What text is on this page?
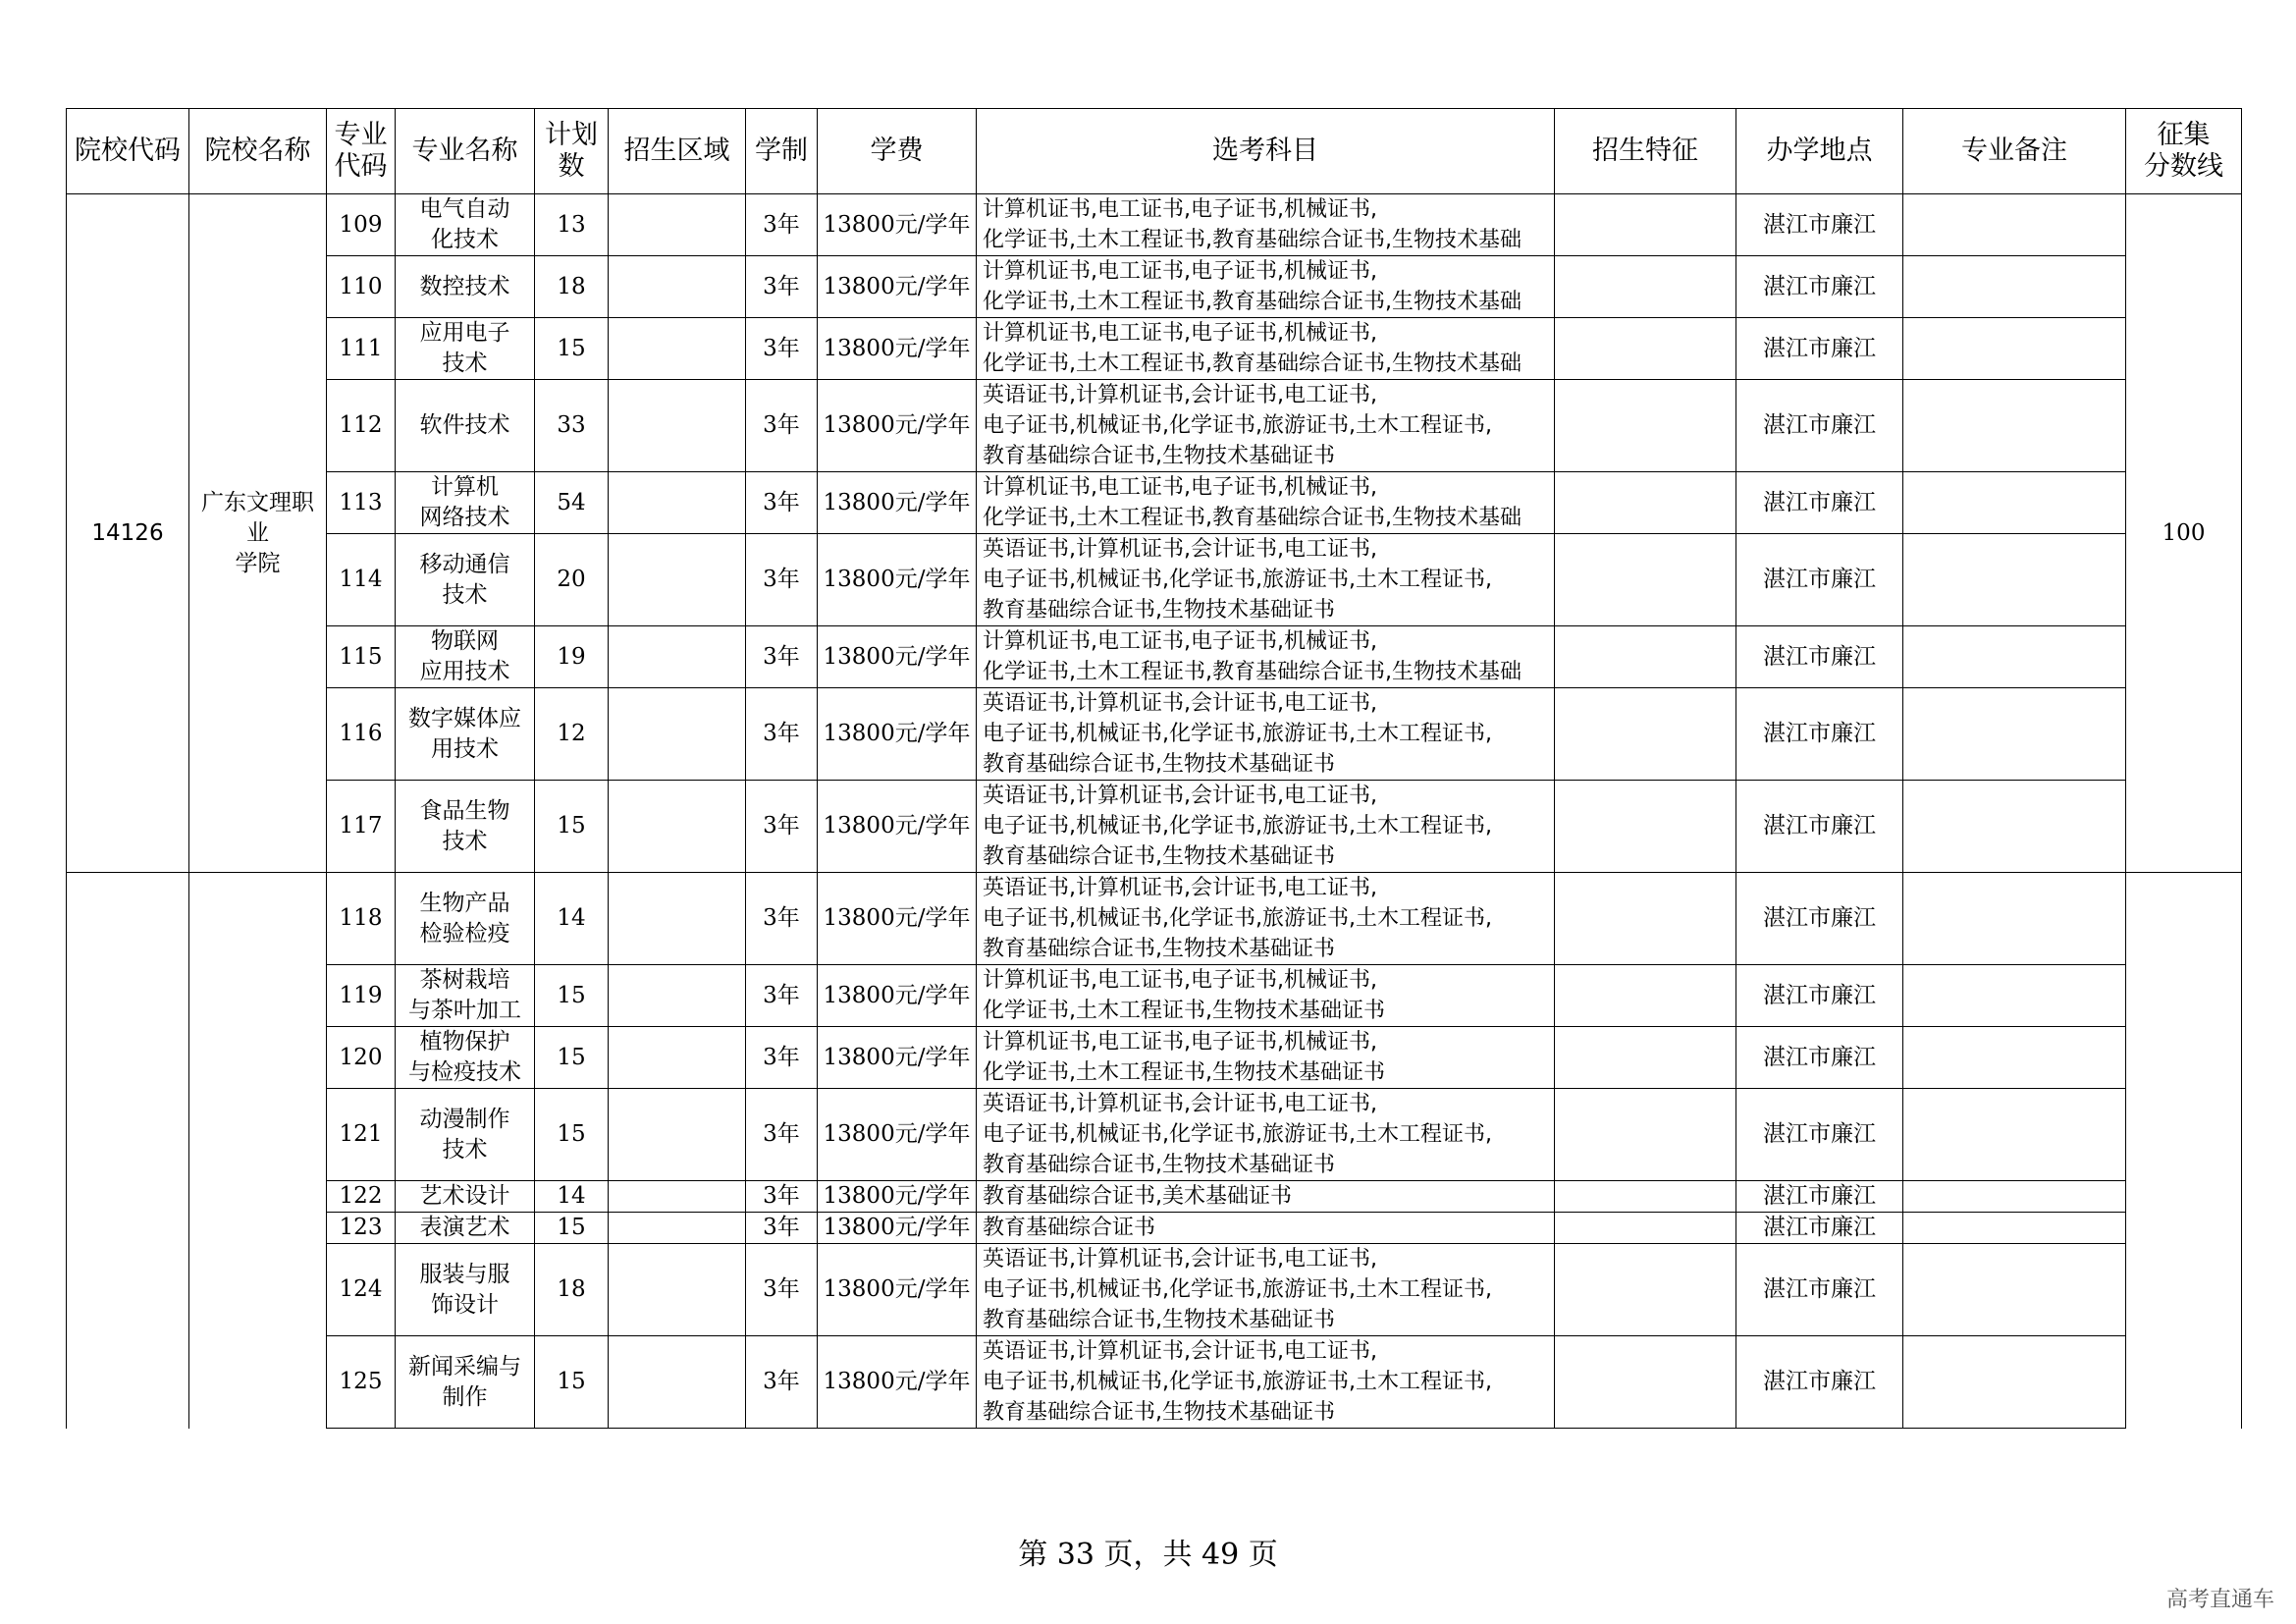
院校代码	院校名称	专业
代码	专业名称	计划
数	招生区域	学制	学费	选考科目	招生特征	办学地点	专业备注	征集
分数线
14126	广东文理职业
学院	109	电气自动
化技术	13		3年	13800元/学年	计算机证书,电工证书,电子证书,机械证书,
化学证书,土木工程证书,教育基础综合证书,生物技术基础		湛江市廉江		100
		110	数控技术	18		3年	13800元/学年	计算机证书,电工证书,电子证书,机械证书,
化学证书,土木工程证书,教育基础综合证书,生物技术基础		湛江市廉江		
		111	应用电子
技术	15		3年	13800元/学年	计算机证书,电工证书,电子证书,机械证书,
化学证书,土木工程证书,教育基础综合证书,生物技术基础		湛江市廉江		
		112	软件技术	33		3年	13800元/学年	英语证书,计算机证书,会计证书,电工证书,
电子证书,机械证书,化学证书,旅游证书,土木工程证书,
教育基础综合证书,生物技术基础证书		湛江市廉江		
		113	计算机
网络技术	54		3年	13800元/学年	计算机证书,电工证书,电子证书,机械证书,
化学证书,土木工程证书,教育基础综合证书,生物技术基础		湛江市廉江		
		114	移动通信
技术	20		3年	13800元/学年	英语证书,计算机证书,会计证书,电工证书,
电子证书,机械证书,化学证书,旅游证书,土木工程证书,
教育基础综合证书,生物技术基础证书		湛江市廉江		
		115	物联网
应用技术	19		3年	13800元/学年	计算机证书,电工证书,电子证书,机械证书,
化学证书,土木工程证书,教育基础综合证书,生物技术基础		湛江市廉江		
		116	数字媒体应
用技术	12		3年	13800元/学年	英语证书,计算机证书,会计证书,电工证书,
电子证书,机械证书,化学证书,旅游证书,土木工程证书,
教育基础综合证书,生物技术基础证书		湛江市廉江		
		117	食品生物
技术	15		3年	13800元/学年	英语证书,计算机证书,会计证书,电工证书,
电子证书,机械证书,化学证书,旅游证书,土木工程证书,
教育基础综合证书,生物技术基础证书		湛江市廉江		
		118	生物产品
检验检疫	14		3年	13800元/学年	英语证书,计算机证书,会计证书,电工证书,
电子证书,机械证书,化学证书,旅游证书,土木工程证书,
教育基础综合证书,生物技术基础证书		湛江市廉江		
		119	茶树栽培
与茶叶加工	15		3年	13800元/学年	计算机证书,电工证书,电子证书,机械证书,
化学证书,土木工程证书,生物技术基础证书		湛江市廉江		
		120	植物保护
与检疫技术	15		3年	13800元/学年	计算机证书,电工证书,电子证书,机械证书,
化学证书,土木工程证书,生物技术基础证书		湛江市廉江		
		121	动漫制作
技术	15		3年	13800元/学年	英语证书,计算机证书,会计证书,电工证书,
电子证书,机械证书,化学证书,旅游证书,土木工程证书,
教育基础综合证书,生物技术基础证书		湛江市廉江		
		122	艺术设计	14		3年	13800元/学年	教育基础综合证书,美术基础证书		湛江市廉江		
		123	表演艺术	15		3年	13800元/学年	教育基础综合证书		湛江市廉江		
		124	服装与服
饰设计	18		3年	13800元/学年	英语证书,计算机证书,会计证书,电工证书,
电子证书,机械证书,化学证书,旅游证书,土木工程证书,
教育基础综合证书,生物技术基础证书		湛江市廉江		
		125	新闻采编与制作	15		3年	13800元/学年	英语证书,计算机证书,会计证书,电工证书,
电子证书,机械证书,化学证书,旅游证书,土木工程证书,
教育基础综合证书,生物技术基础证书		湛江市廉江		
第 33 页，共 49 页
高考直通车
